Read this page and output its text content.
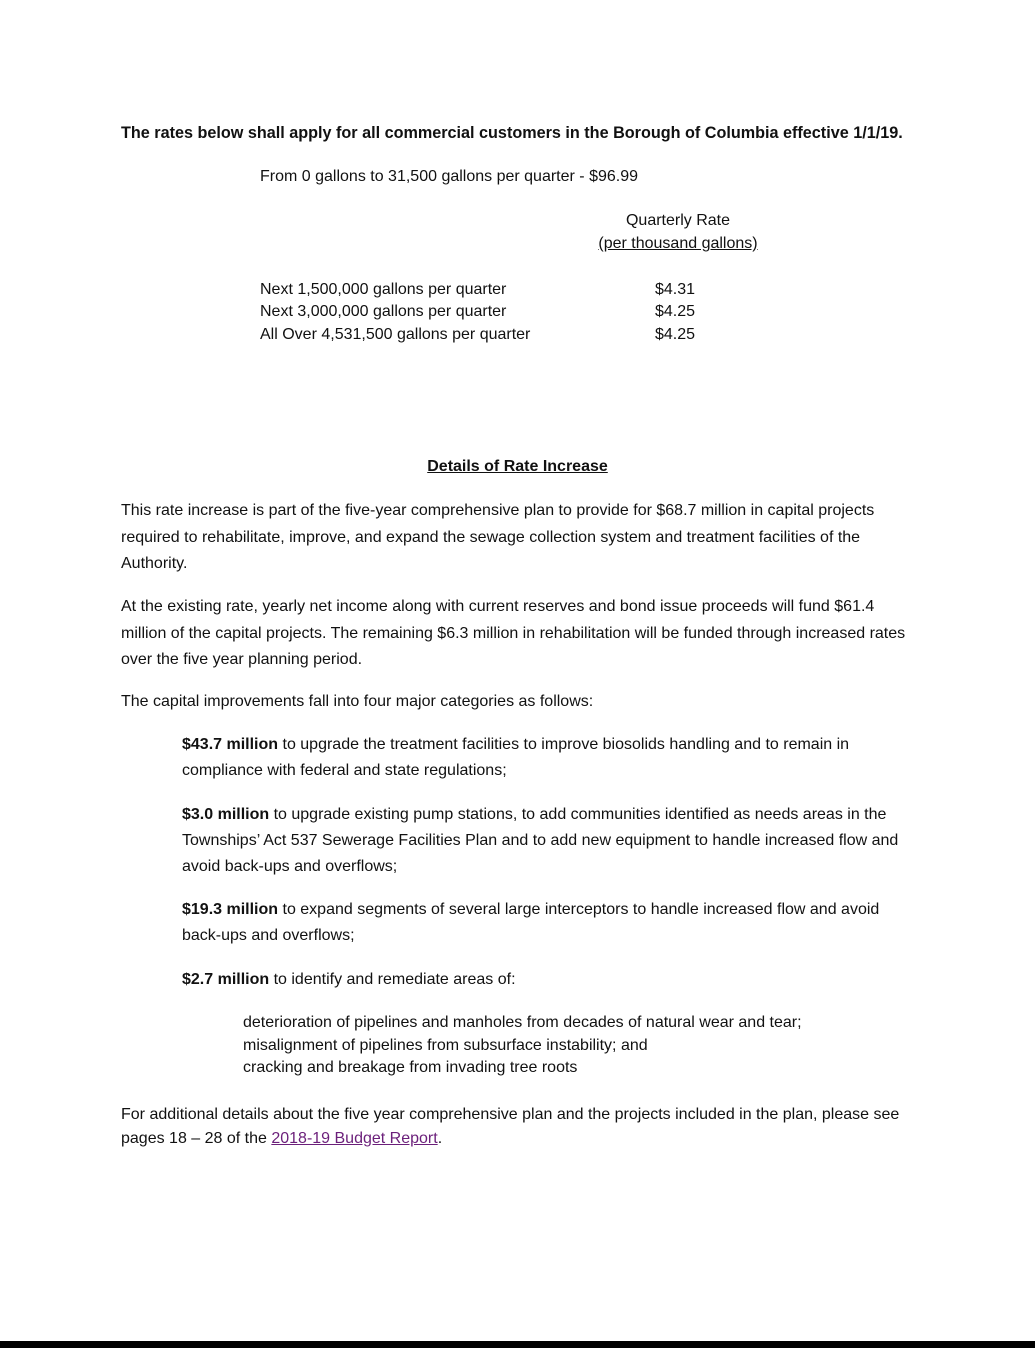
The rates below shall apply for all commercial customers in the Borough of Columbia effective 1/1/19.
From 0 gallons to 31,500 gallons per quarter - $96.99
Quarterly Rate
(per thousand gallons)
Next 1,500,000 gallons per quarter	$4.31
Next 3,000,000 gallons per quarter	$4.25
All Over 4,531,500 gallons per quarter	$4.25
Details of Rate Increase
This rate increase is part of the five-year comprehensive plan to provide for $68.7 million in capital projects required to rehabilitate, improve, and expand the sewage collection system and treatment facilities of the Authority.
At the existing rate, yearly net income along with current reserves and bond issue proceeds will fund $61.4 million of the capital projects. The remaining $6.3 million in rehabilitation will be funded through increased rates over the five year planning period.
The capital improvements fall into four major categories as follows:
$43.7 million to upgrade the treatment facilities to improve biosolids handling and to remain in compliance with federal and state regulations;
$3.0 million to upgrade existing pump stations, to add communities identified as needs areas in the Townships’ Act 537 Sewerage Facilities Plan and to add new equipment to handle increased flow and avoid back-ups and overflows;
$19.3 million to expand segments of several large interceptors to handle increased flow and avoid back-ups and overflows;
$2.7 million to identify and remediate areas of:
deterioration of pipelines and manholes from decades of natural wear and tear;
misalignment of pipelines from subsurface instability; and
cracking and breakage from invading tree roots
For additional details about the five year comprehensive plan and the projects included in the plan, please see pages 18 – 28 of the 2018-19 Budget Report.
